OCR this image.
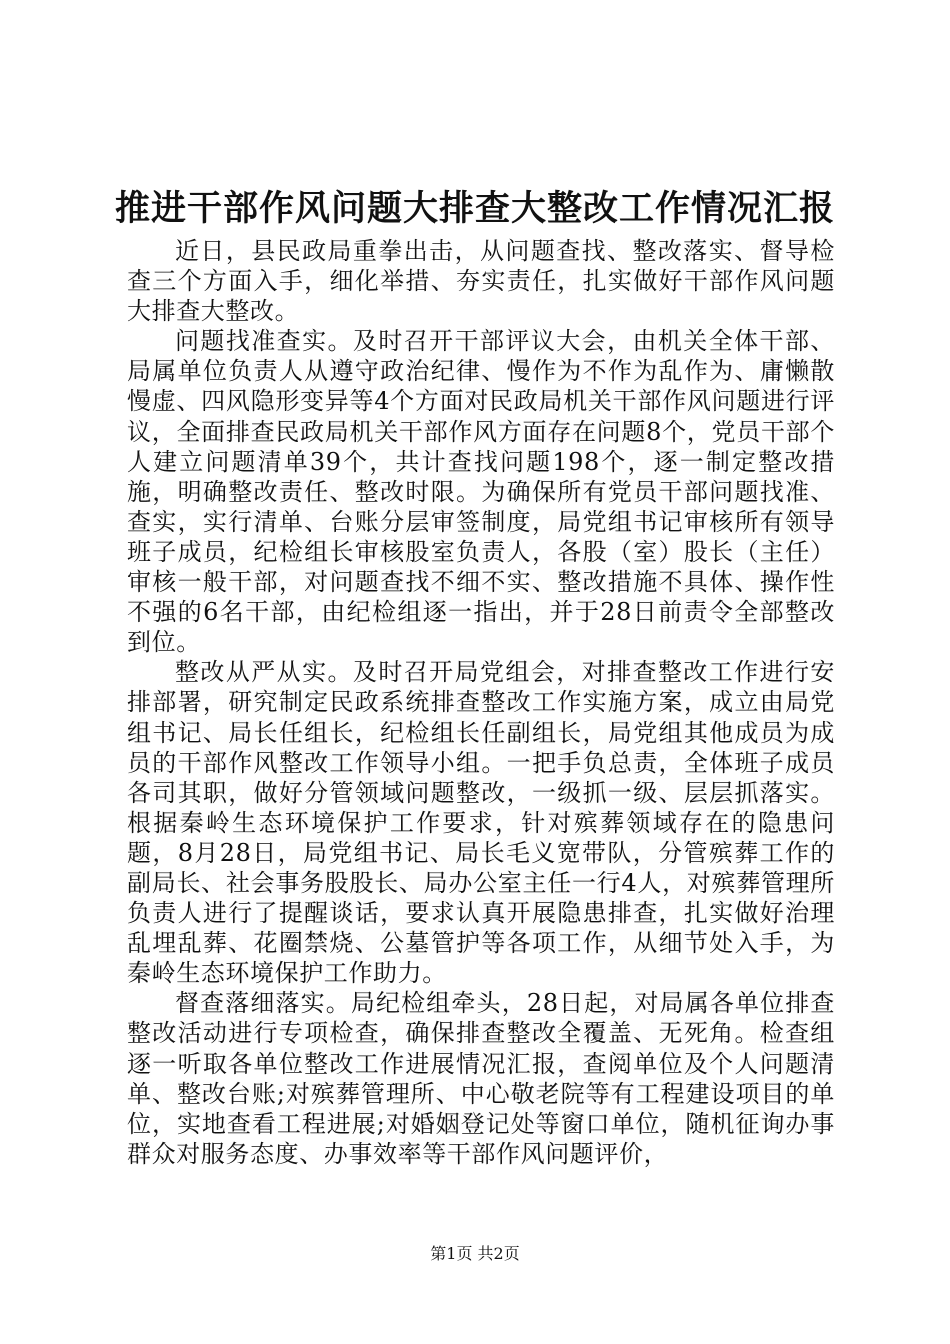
推进干部作风问题大排查大整改工作情况汇报

近日，县民政局重拳出击，从问题查找、整改落实、督导检查三个方面入手，细化举措、夯实责任，扎实做好干部作风问题大排查大整改。

问题找准查实。及时召开干部评议大会，由机关全体干部、局属单位负责人从遵守政治纪律、慢作为不作为乱作为、庸懒散慢虚、四风隐形变异等4个方面对民政局机关干部作风问题进行评议，全面排查民政局机关干部作风方面存在问题8个，党员干部个人建立问题清单39个，共计查找问题198个，逐一制定整改措施，明确整改责任、整改时限。为确保所有党员干部问题找准、查实，实行清单、台账分层审签制度，局党组书记审核所有领导班子成员，纪检组长审核股室负责人，各股（室）股长（主任）审核一般干部，对问题查找不细不实、整改措施不具体、操作性不强的6名干部，由纪检组逐一指出，并于28日前责令全部整改到位。

整改从严从实。及时召开局党组会，对排查整改工作进行安排部署，研究制定民政系统排查整改工作实施方案，成立由局党组书记、局长任组长，纪检组长任副组长，局党组其他成员为成员的干部作风整改工作领导小组。一把手负总责，全体班子成员各司其职，做好分管领域问题整改，一级抓一级、层层抓落实。根据秦岭生态环境保护工作要求，针对殡葬领域存在的隐患问题，8月28日，局党组书记、局长毛义宽带队，分管殡葬工作的副局长、社会事务股股长、局办公室主任一行4人，对殡葬管理所负责人进行了提醒谈话，要求认真开展隐患排查，扎实做好治理乱埋乱葬、花圈禁烧、公墓管护等各项工作，从细节处入手，为秦岭生态环境保护工作助力。

督查落细落实。局纪检组牵头，28日起，对局属各单位排查整改活动进行专项检查，确保排查整改全覆盖、无死角。检查组逐一听取各单位整改工作进展情况汇报，查阅单位及个人问题清单、整改台账;对殡葬管理所、中心敬老院等有工程建设项目的单位，实地查看工程进展;对婚姻登记处等窗口单位，随机征询办事群众对服务态度、办事效率等干部作风问题评价，

第1页 共2页
